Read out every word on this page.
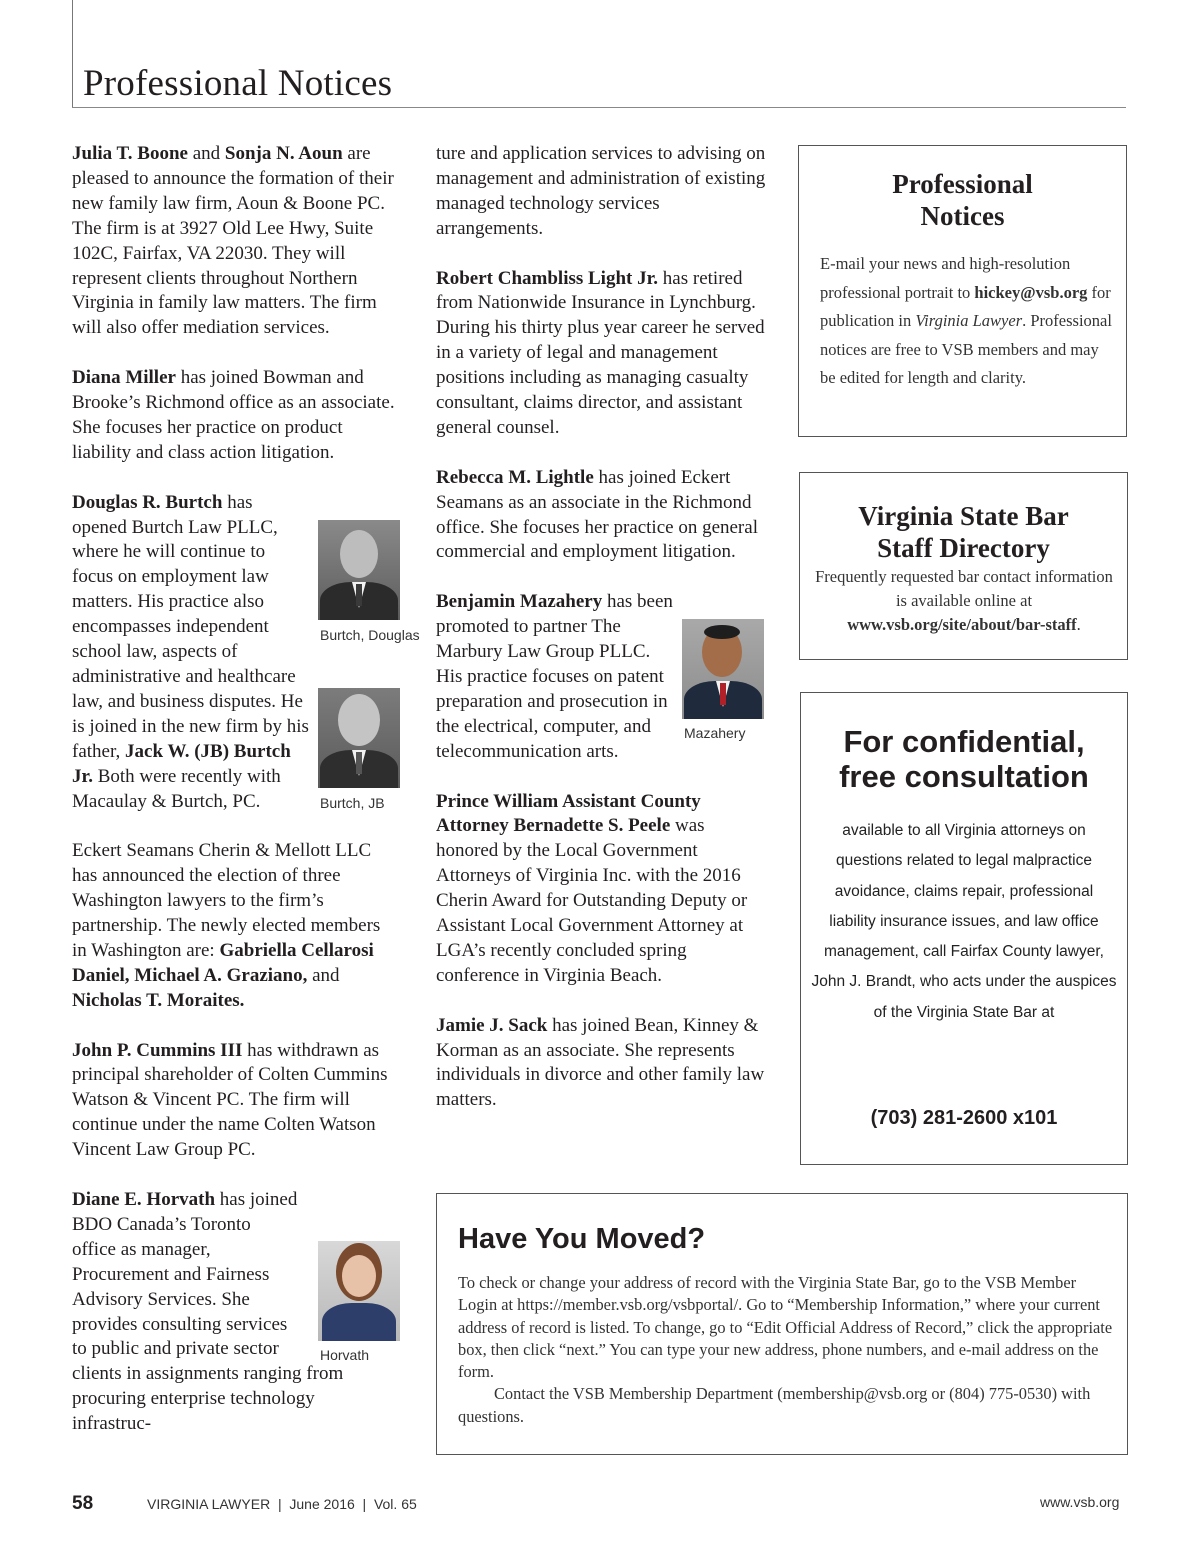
Professional Notices

Julia T. Boone and Sonja N. Aoun are pleased to announce the formation of their new family law firm, Aoun & Boone PC. The firm is at 3927 Old Lee Hwy, Suite 102C, Fairfax, VA 22030. They will represent clients throughout Northern Virginia in family law matters. The firm will also offer mediation services.

Diana Miller has joined Bowman and Brooke’s Richmond office as an associate. She focuses her practice on product liability and class action litigation.

Douglas R. Burtch has opened Burtch Law PLLC, where he will continue to focus on employment law matters. His practice also encompasses independent school law, aspects of administrative and healthcare law, and business disputes. He is joined in the new firm by his father, Jack W. (JB) Burtch Jr. Both were recently with Macaulay & Burtch, PC.

Eckert Seamans Cherin & Mellott LLC has announced the election of three Washington lawyers to the firm’s partnership. The newly elected members in Washington are: Gabriella Cellarosi Daniel, Michael A. Graziano, and Nicholas T. Moraites.

John P. Cummins III has withdrawn as principal shareholder of Colten Cummins Watson & Vincent PC. The firm will continue under the name Colten Watson Vincent Law Group PC.

Diane E. Horvath has joined BDO Canada’s Toronto office as manager, Procurement and Fairness Advisory Services. She provides consulting services to public and private sector clients in assignments ranging from procuring enterprise technology infrastruc-

Burtch, Douglas
Burtch, JB
Horvath

ture and application services to advising on management and administration of existing managed technology services arrangements.

Robert Chambliss Light Jr. has retired from Nationwide Insurance in Lynchburg. During his thirty plus year career he served in a variety of legal and management positions including as managing casualty consultant, claims director, and assistant general counsel.

Rebecca M. Lightle has joined Eckert Seamans as an associate in the Richmond office. She focuses her practice on general commercial and employment litigation.

Benjamin Mazahery has been promoted to partner The Marbury Law Group PLLC. His practice focuses on patent preparation and prosecution in the electrical, computer, and telecommunication arts.

Prince William Assistant County Attorney Bernadette S. Peele was honored by the Local Government Attorneys of Virginia Inc. with the 2016 Cherin Award for Outstanding Deputy or Assistant Local Government Attorney at LGA’s recently concluded spring conference in Virginia Beach.

Jamie J. Sack has joined Bean, Kinney & Korman as an associate. She represents individuals in divorce and other family law matters.

Mazahery
Professional Notices
E-mail your news and high-resolution professional portrait to hickey@vsb.org for publication in Virginia Lawyer. Professional notices are free to VSB members and may be edited for length and clarity.
Virginia State Bar Staff Directory
Frequently requested bar contact information is available online at www.vsb.org/site/about/bar-staff.
For confidential, free consultation
available to all Virginia attorneys on questions related to legal malpractice avoidance, claims repair, professional liability insurance issues, and law office management, call Fairfax County lawyer, John J. Brandt, who acts under the auspices of the Virginia State Bar at
(703) 281-2600 x101
Have You Moved?

To check or change your address of record with the Virginia State Bar, go to the VSB Member Login at https://member.vsb.org/vsbportal/. Go to “Membership Information,” where your current address of record is listed. To change, go to “Edit Official Address of Record,” click the appropriate box, then click “next.” You can type your new address, phone numbers, and e-mail address on the form.

Contact the VSB Membership Department (membership@vsb.org or (804) 775-0530) with questions.

58	VIRGINIA LAWYER  |  June 2016  |  Vol. 65	www.vsb.org
